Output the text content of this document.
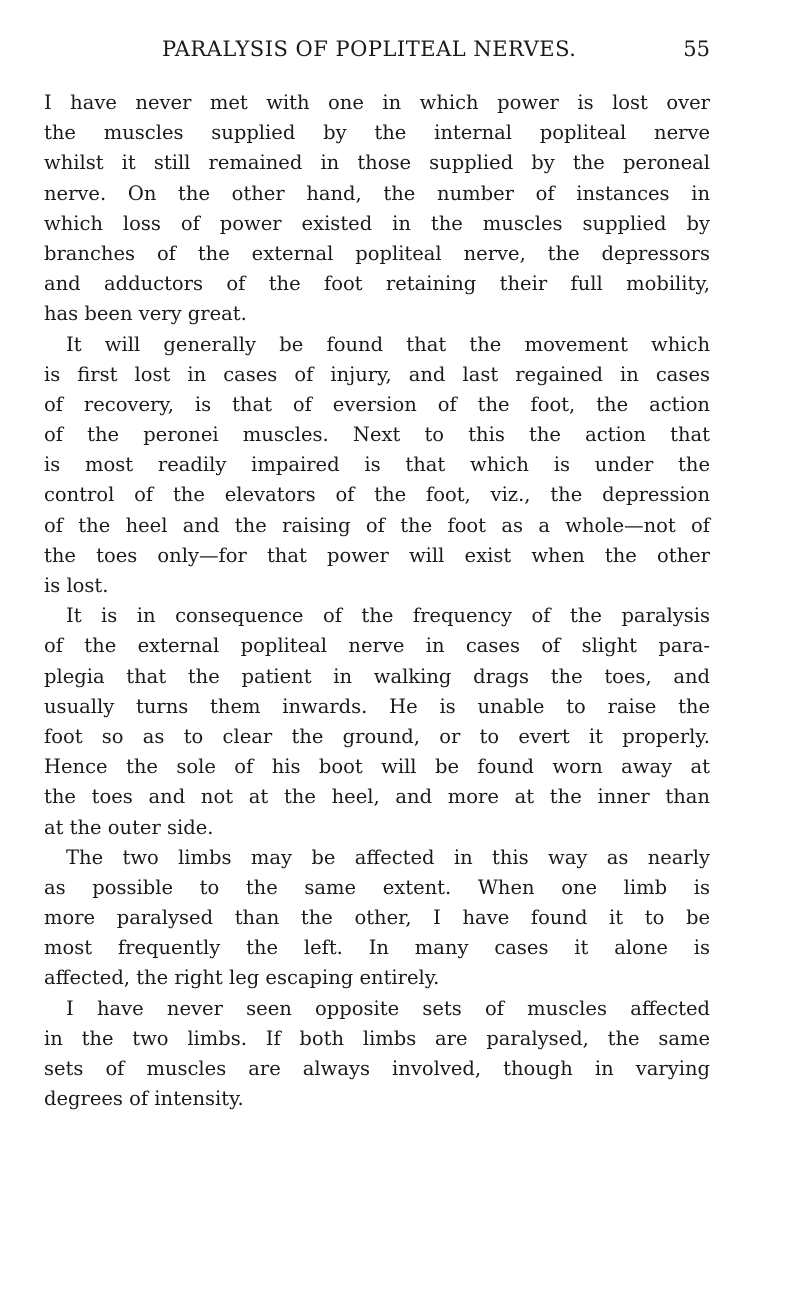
PARALYSIS OF POPLITEAL NERVES.	55
I have never met with one in which power is lost over
the muscles supplied by the internal popliteal nerve
whilst it still remained in those supplied by the peroneal
nerve. On the other hand, the number of instances in
which loss of power existed in the muscles supplied by
branches of the external popliteal nerve, the depressors
and adductors of the foot retaining their full mobility,
has been very great.
It will generally be found that the movement which
is first lost in cases of injury, and last regained in cases
of recovery, is that of eversion of the foot, the action
of the peronei muscles. Next to this the action that
is most readily impaired is that which is under the
control of the elevators of the foot, viz., the depression
of the heel and the raising of the foot as a whole—not of
the toes only—for that power will exist when the other
is lost.
It is in consequence of the frequency of the paralysis
of the external popliteal nerve in cases of slight para-
plegia that the patient in walking drags the toes, and
usually turns them inwards. He is unable to raise the
foot so as to clear the ground, or to evert it properly.
Hence the sole of his boot will be found worn away at
the toes and not at the heel, and more at the inner than
at the outer side.
The two limbs may be affected in this way as nearly
as possible to the same extent. When one limb is
more paralysed than the other, I have found it to be
most frequently the left. In many cases it alone is
affected, the right leg escaping entirely.
I have never seen opposite sets of muscles affected
in the two limbs. If both limbs are paralysed, the same
sets of muscles are always involved, though in varying
degrees of intensity.
